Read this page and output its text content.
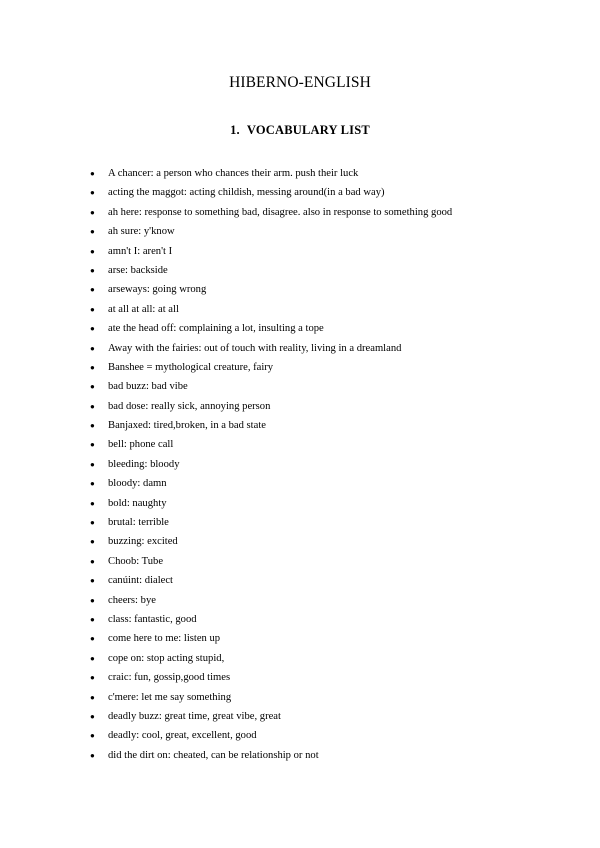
HIBERNO-ENGLISH
1. VOCABULARY LIST
● A chancer: a person who chances their arm. push their luck
● acting the maggot: acting childish, messing around(in a bad way)
● ah here: response to something bad, disagree. also in response to something good
● ah sure: y'know
● amn't I: aren't I
● arse: backside
● arseways: going wrong
● at all at all: at all
● ate the head off: complaining a lot, insulting a tope
● Away with the fairies: out of touch with reality, living in a dreamland
● Banshee = mythological creature, fairy
● bad buzz: bad vibe
● bad dose: really sick, annoying person
● Banjaxed: tired,broken, in a bad state
● bell: phone call
● bleeding: bloody
● bloody: damn
● bold: naughty
● brutal: terrible
● buzzing: excited
● Choob: Tube
● canúint: dialect
● cheers: bye
● class: fantastic, good
● come here to me: listen up
● cope on: stop acting stupid,
● craic: fun, gossip,good times
● c'mere: let me say something
● deadly buzz: great time, great vibe, great
● deadly: cool, great, excellent, good
● did the dirt on: cheated, can be relationship or not
